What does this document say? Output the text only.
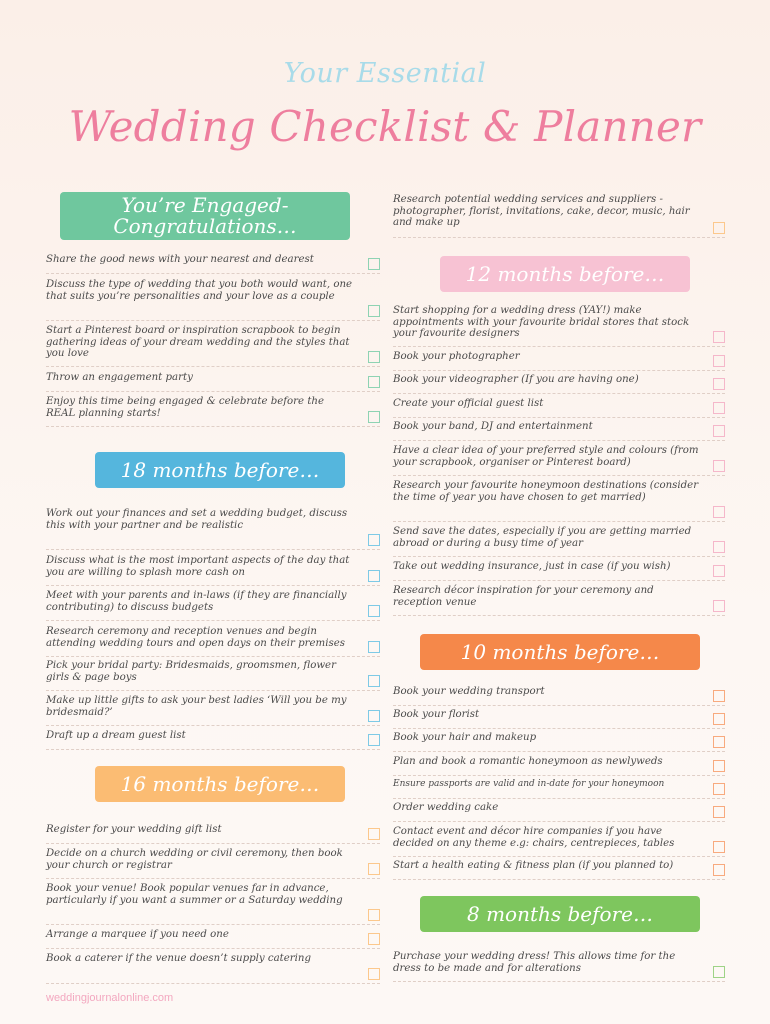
Your Essential
Wedding Checklist & Planner
You’re Engaged- Congratulations…
Share the good news with your nearest and dearest
Discuss the type of wedding that you both would want, one that suits you’re personalities and your love as a couple
Start a Pinterest board or inspiration scrapbook to begin gathering ideas of your dream wedding and the styles that you love
Throw an engagement party
Enjoy this time being engaged & celebrate before the REAL planning starts!
18 months before…
Work out your finances and set a wedding budget, discuss this with your partner and be realistic
Discuss what is the most important aspects of the day that you are willing to splash more cash on
Meet with your parents and in-laws (if they are financially contributing) to discuss budgets
Research ceremony and reception venues and begin attending wedding tours and open days on their premises
Pick your bridal party: Bridesmaids, groomsmen, flower girls & page boys
Make up little gifts to ask your best ladies ‘Will you be my bridesmaid?’
Draft up a dream guest list
16 months before…
Register for your wedding gift list
Decide on a church wedding or civil ceremony, then book your church or registrar
Book your venue! Book popular venues far in advance, particularly if you want a summer or a Saturday wedding
Arrange a marquee if you need one
Book a caterer if the venue doesn’t supply catering
Research potential wedding services and suppliers - photographer, florist, invitations, cake, decor, music, hair and make up
12 months before…
Start shopping for a wedding dress (YAY!) make appointments with your favourite bridal stores that stock your favourite designers
Book your photographer
Book your videographer (If you are having one)
Create your official guest list
Book your band, DJ and entertainment
Have a clear idea of your preferred style and colours (from your scrapbook, organiser or Pinterest board)
Research your favourite honeymoon destinations (consider the time of year you have chosen to get married)
Send save the dates, especially if you are getting married abroad or during a busy time of year
Take out wedding insurance, just in case (if you wish)
Research décor inspiration for your ceremony and reception venue
10 months before…
Book your wedding transport
Book your florist
Book your hair and makeup
Plan and book a romantic honeymoon as newlyweds
Ensure passports are valid and in-date for your honeymoon
Order wedding cake
Contact event and décor hire companies if you have decided on any theme e.g: chairs, centrepieces, tables
Start a health eating & fitness plan (if you planned to)
8 months before…
Purchase your wedding dress! This allows time for the dress to be made and for alterations
weddingjournalonline.com
